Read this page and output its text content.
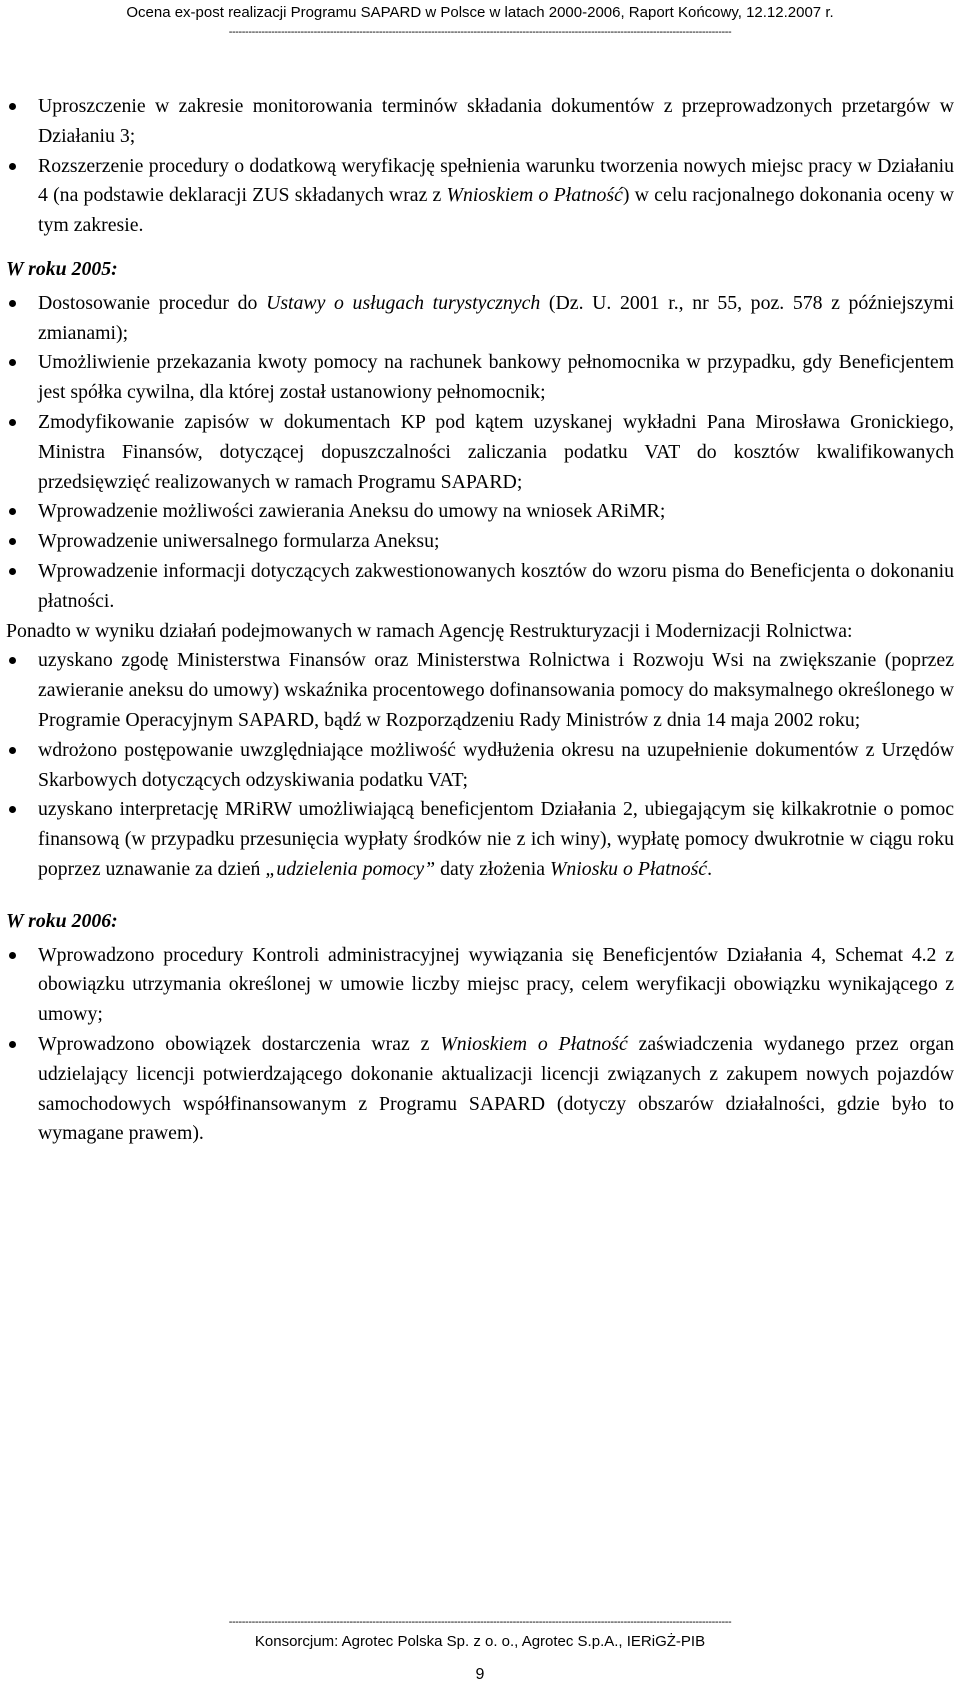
Ocena ex-post realizacji Programu SAPARD w Polsce w latach 2000-2006, Raport Końcowy, 12.12.2007 r.
----------------------------------------------------------------------------------------------------------------------------------------------------------
Uproszczenie w zakresie monitorowania terminów składania dokumentów z przeprowadzonych przetargów w Działaniu 3;
Rozszerzenie procedury o dodatkową weryfikację spełnienia warunku tworzenia nowych miejsc pracy w Działaniu 4 (na podstawie deklaracji ZUS składanych wraz z Wnioskiem o Płatność) w celu racjonalnego dokonania oceny w tym zakresie.
W roku 2005:
Dostosowanie procedur do Ustawy o usługach turystycznych (Dz. U. 2001 r., nr 55, poz. 578 z późniejszymi zmianami);
Umożliwienie przekazania kwoty pomocy na rachunek bankowy pełnomocnika w przypadku, gdy Beneficjentem jest spółka cywilna, dla której został ustanowiony pełnomocnik;
Zmodyfikowanie zapisów w dokumentach KP pod kątem uzyskanej wykładni Pana Mirosława Gronickiego, Ministra Finansów, dotyczącej dopuszczalności zaliczania podatku VAT do kosztów kwalifikowanych przedsięwzięć realizowanych w ramach Programu SAPARD;
Wprowadzenie możliwości zawierania Aneksu do umowy na wniosek ARiMR;
Wprowadzenie uniwersalnego formularza Aneksu;
Wprowadzenie informacji dotyczących zakwestionowanych kosztów do wzoru pisma do Beneficjenta o dokonaniu płatności.

Ponadto w wyniku działań podejmowanych w ramach Agencję Restrukturyzacji i Modernizacji Rolnictwa:

uzyskano zgodę Ministerstwa Finansów oraz Ministerstwa Rolnictwa i Rozwoju Wsi na zwiększanie (poprzez zawieranie aneksu do umowy) wskaźnika procentowego dofinansowania pomocy do maksymalnego określonego w Programie Operacyjnym SAPARD, bądź w Rozporządzeniu Rady Ministrów z dnia 14 maja 2002 roku;
wdrożono postępowanie uwzględniające możliwość wydłużenia okresu na uzupełnienie dokumentów z Urzędów Skarbowych dotyczących odzyskiwania podatku VAT;
uzyskano interpretację MRiRW umożliwiającą beneficjentom Działania 2, ubiegającym się kilkakrotnie o pomoc finansową (w przypadku przesunięcia wypłaty środków nie z ich winy), wypłatę pomocy dwukrotnie w ciągu roku poprzez uznawanie za dzień „udzielenia pomocy” daty złożenia Wniosku o Płatność.
W roku 2006:
Wprowadzono procedury Kontroli administracyjnej wywiązania się Beneficjentów Działania 4, Schemat 4.2 z obowiązku utrzymania określonej w umowie liczby miejsc pracy, celem weryfikacji obowiązku wynikającego z umowy;
Wprowadzono obowiązek dostarczenia wraz z Wnioskiem o Płatność zaświadczenia wydanego przez organ udzielający licencji potwierdzającego dokonanie aktualizacji licencji związanych z zakupem nowych pojazdów samochodowych współfinansowanym z Programu SAPARD (dotyczy obszarów działalności, gdzie było to wymagane prawem).
----------------------------------------------------------------------------------------------------------------------------------------------------------
Konsorcjum: Agrotec Polska Sp. z o. o., Agrotec S.p.A., IERiGŻ-PIB
9
